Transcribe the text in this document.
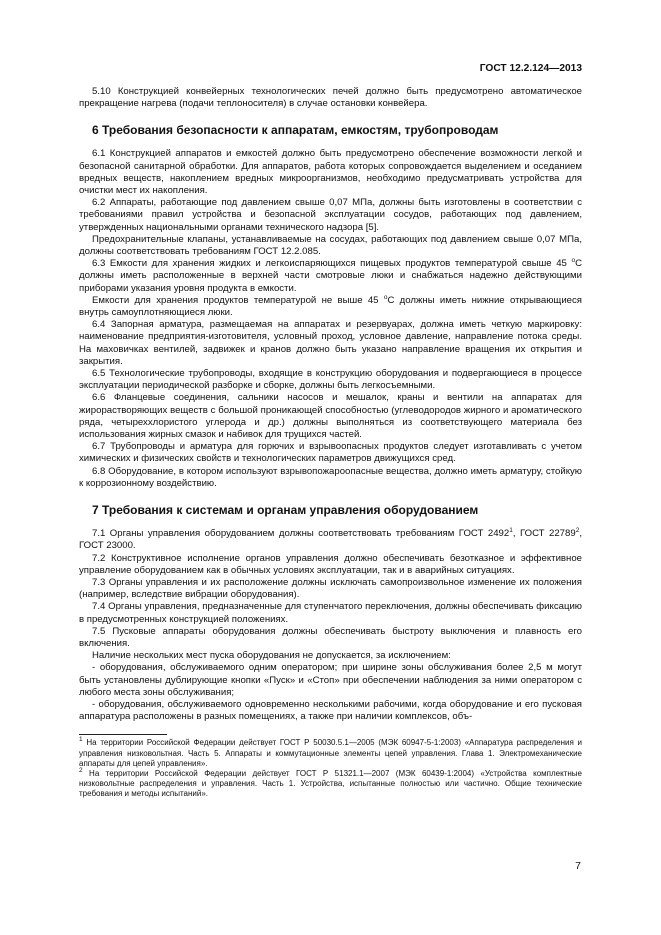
ГОСТ 12.2.124—2013

5.10 Конструкцией конвейерных технологических печей должно быть предусмотрено автоматическое прекращение нагрева (подачи теплоносителя) в случае остановки конвейера.

6 Требования безопасности к аппаратам, емкостям, трубопроводам

6.1 Конструкцией аппаратов и емкостей должно быть предусмотрено обеспечение возможности легкой и безопасной санитарной обработки. Для аппаратов, работа которых сопровождается выделением и оседанием вредных веществ, накоплением вредных микроорганизмов, необходимо предусматривать устройства для очистки мест их накопления.

6.2 Аппараты, работающие под давлением свыше 0,07 МПа, должны быть изготовлены в соответствии с требованиями правил устройства и безопасной эксплуатации сосудов, работающих под давлением, утвержденных национальными органами технического надзора [5].

Предохранительные клапаны, устанавливаемые на сосудах, работающих под давлением свыше 0,07 МПа, должны соответствовать требованиям ГОСТ 12.2.085.

6.3 Емкости для хранения жидких и легкоиспаряющихся пищевых продуктов температурой свыше 45 $^о$С должны иметь расположенные в верхней части смотровые люки и снабжаться надежно действующими приборами указания уровня продукта в емкости.

Емкости для хранения продуктов температурой не выше 45 $^о$С должны иметь нижние открывающиеся внутрь самоуплотняющиеся люки.

6.4 Запорная арматура, размещаемая на аппаратах и резервуарах, должна иметь четкую маркировку: наименование предприятия-изготовителя, условный проход, условное давление, направление потока среды. На маховичках вентилей, задвижек и кранов должно быть указано направление вращения их открытия и закрытия.

6.5 Технологические трубопроводы, входящие в конструкцию оборудования и подвергающиеся в процессе эксплуатации периодической разборке и сборке, должны быть легкосъемными.

6.6 Фланцевые соединения, сальники насосов и мешалок, краны и вентили на аппаратах для жирорастворяющих веществ с большой проникающей способностью (углеводородов жирного и ароматического ряда, четыреххлористого углерода и др.) должны выполняться из соответствующего материала без использования жирных смазок и набивок для трущихся частей.

6.7 Трубопроводы и арматура для горючих и взрывоопасных продуктов следует изготавливать с учетом химических и физических свойств и технологических параметров движущихся сред.

6.8 Оборудование, в котором используют взрывопожароопасные вещества, должно иметь арматуру, стойкую к коррозионному воздействию.

7 Требования к системам и органам управления оборудованием

7.1 Органы управления оборудованием должны соответствовать требованиям ГОСТ 2492$^1$, ГОСТ 22789$^2$, ГОСТ 23000.

7.2 Конструктивное исполнение органов управления должно обеспечивать безотказное и эффективное управление оборудованием как в обычных условиях эксплуатации, так и в аварийных ситуациях.

7.3 Органы управления и их расположение должны исключать самопроизвольное изменение их положения (например, вследствие вибрации оборудования).

7.4 Органы управления, предназначенные для ступенчатого переключения, должны обеспечивать фиксацию в предусмотренных конструкцией положениях.

7.5 Пусковые аппараты оборудования должны обеспечивать быстроту выключения и плавность его включения.

Наличие нескольких мест пуска оборудования не допускается, за исключением:

- оборудования, обслуживаемого одним оператором; при ширине зоны обслуживания более 2,5 м могут быть установлены дублирующие кнопки «Пуск» и «Стоп» при обеспечении наблюдения за ними оператором с любого места зоны обслуживания;

- оборудования, обслуживаемого одновременно несколькими рабочими, когда оборудование и его пусковая аппаратура расположены в разных помещениях, а также при наличии комплексов, объ-

$^1$ На территории Российской Федерации действует ГОСТ Р 50030.5.1—2005 (МЭК 60947-5-1:2003) «Аппаратура распределения и управления низковольтная. Часть 5. Аппараты и коммутационные элементы цепей управления. Глава 1. Электромеханические аппараты для цепей управления».

$^2$ На территории Российской Федерации действует ГОСТ Р 51321.1—2007 (МЭК 60439-1:2004) «Устройства комплектные низковольтные распределения и управления. Часть 1. Устройства, испытанные полностью или частично. Общие технические требования и методы испытаний».

7
